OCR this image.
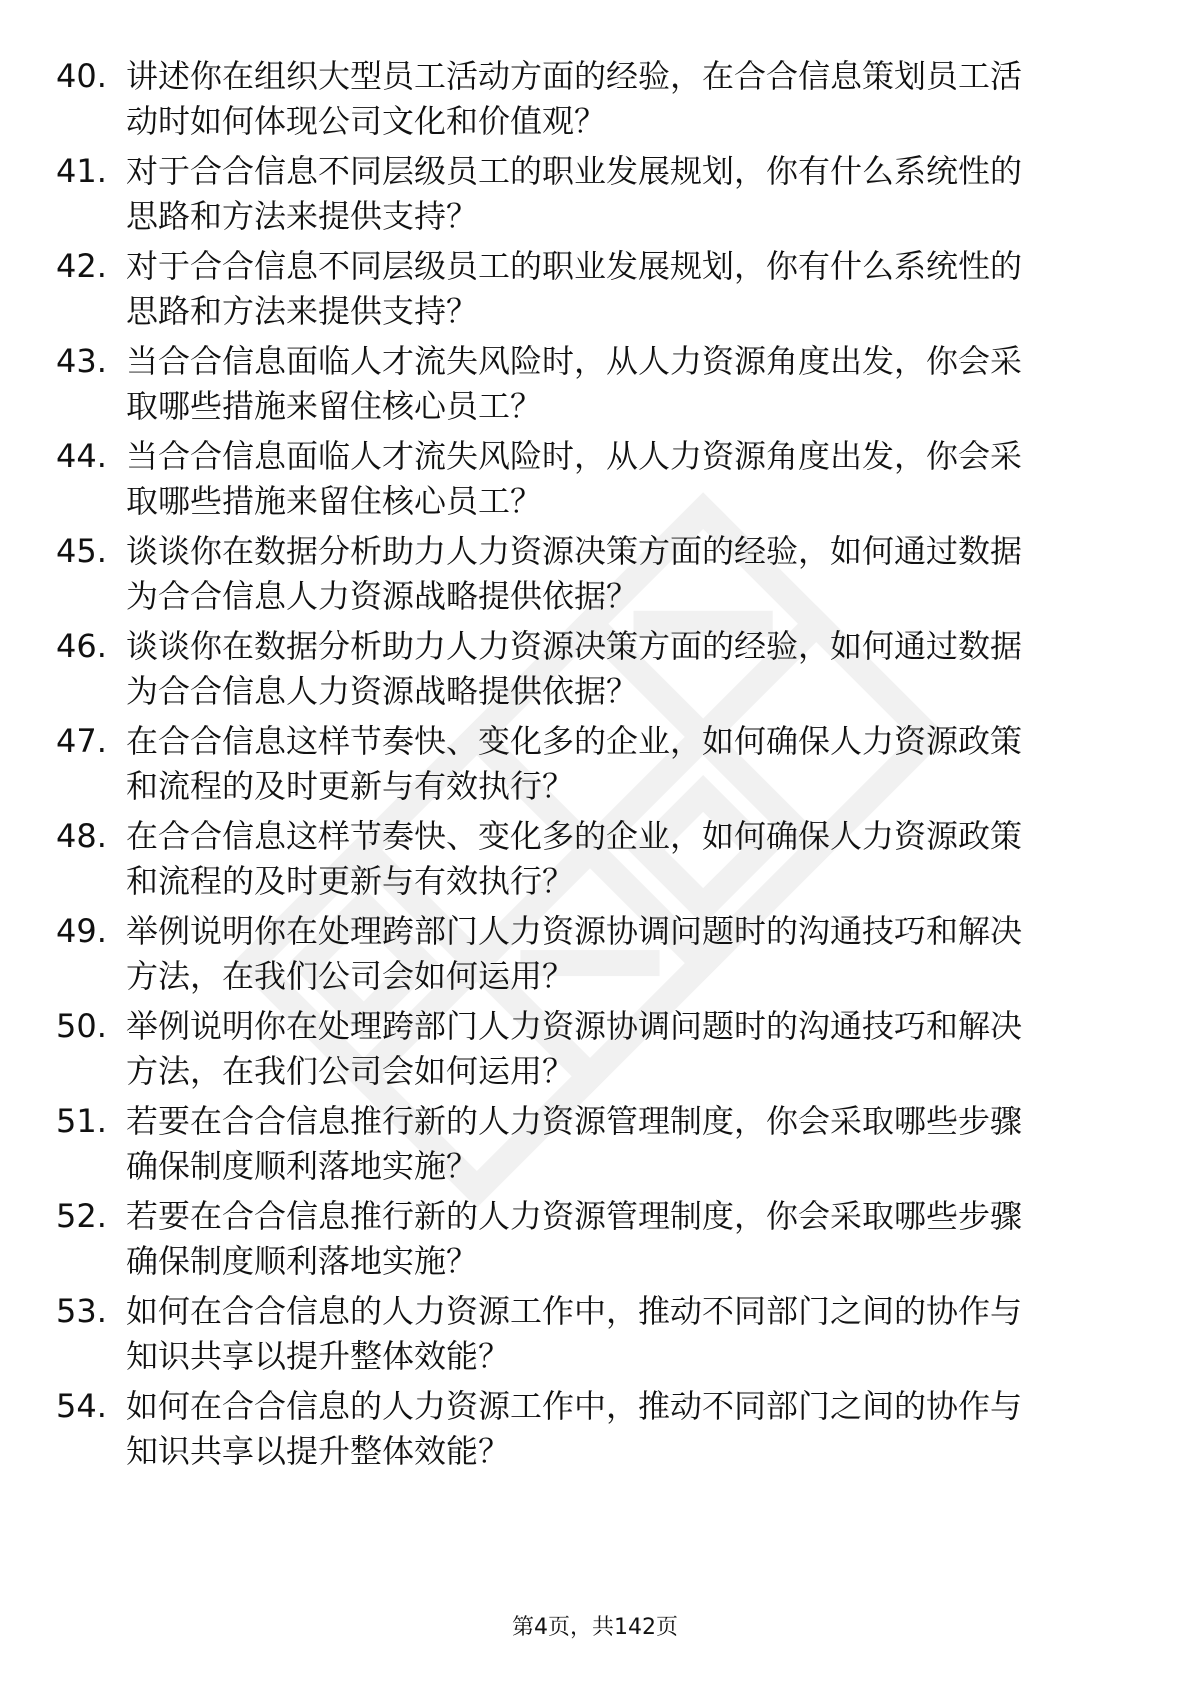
40. 讲述你在组织大型员工活动方面的经验，在合合信息策划员工活
动时如何体现公司文化和价值观？
41. 对于合合信息不同层级员工的职业发展规划，你有什么系统性的
思路和方法来提供支持？
42. 对于合合信息不同层级员工的职业发展规划，你有什么系统性的
思路和方法来提供支持？
43. 当合合信息面临人才流失风险时，从人力资源角度出发，你会采
取哪些措施来留住核心员工？
44. 当合合信息面临人才流失风险时，从人力资源角度出发，你会采
取哪些措施来留住核心员工？
45. 谈谈你在数据分析助力人力资源决策方面的经验，如何通过数据
为合合信息人力资源战略提供依据？
46. 谈谈你在数据分析助力人力资源决策方面的经验，如何通过数据
为合合信息人力资源战略提供依据？
47. 在合合信息这样节奏快、变化多的企业，如何确保人力资源政策
和流程的及时更新与有效执行？
48. 在合合信息这样节奏快、变化多的企业，如何确保人力资源政策
和流程的及时更新与有效执行？
49. 举例说明你在处理跨部门人力资源协调问题时的沟通技巧和解决
方法，在我们公司会如何运用？
50. 举例说明你在处理跨部门人力资源协调问题时的沟通技巧和解决
方法，在我们公司会如何运用？
51. 若要在合合信息推行新的人力资源管理制度，你会采取哪些步骤
确保制度顺利落地实施？
52. 若要在合合信息推行新的人力资源管理制度，你会采取哪些步骤
确保制度顺利落地实施？
53. 如何在合合信息的人力资源工作中，推动不同部门之间的协作与
知识共享以提升整体效能？
54. 如何在合合信息的人力资源工作中，推动不同部门之间的协作与
知识共享以提升整体效能？
第4页，共142页
